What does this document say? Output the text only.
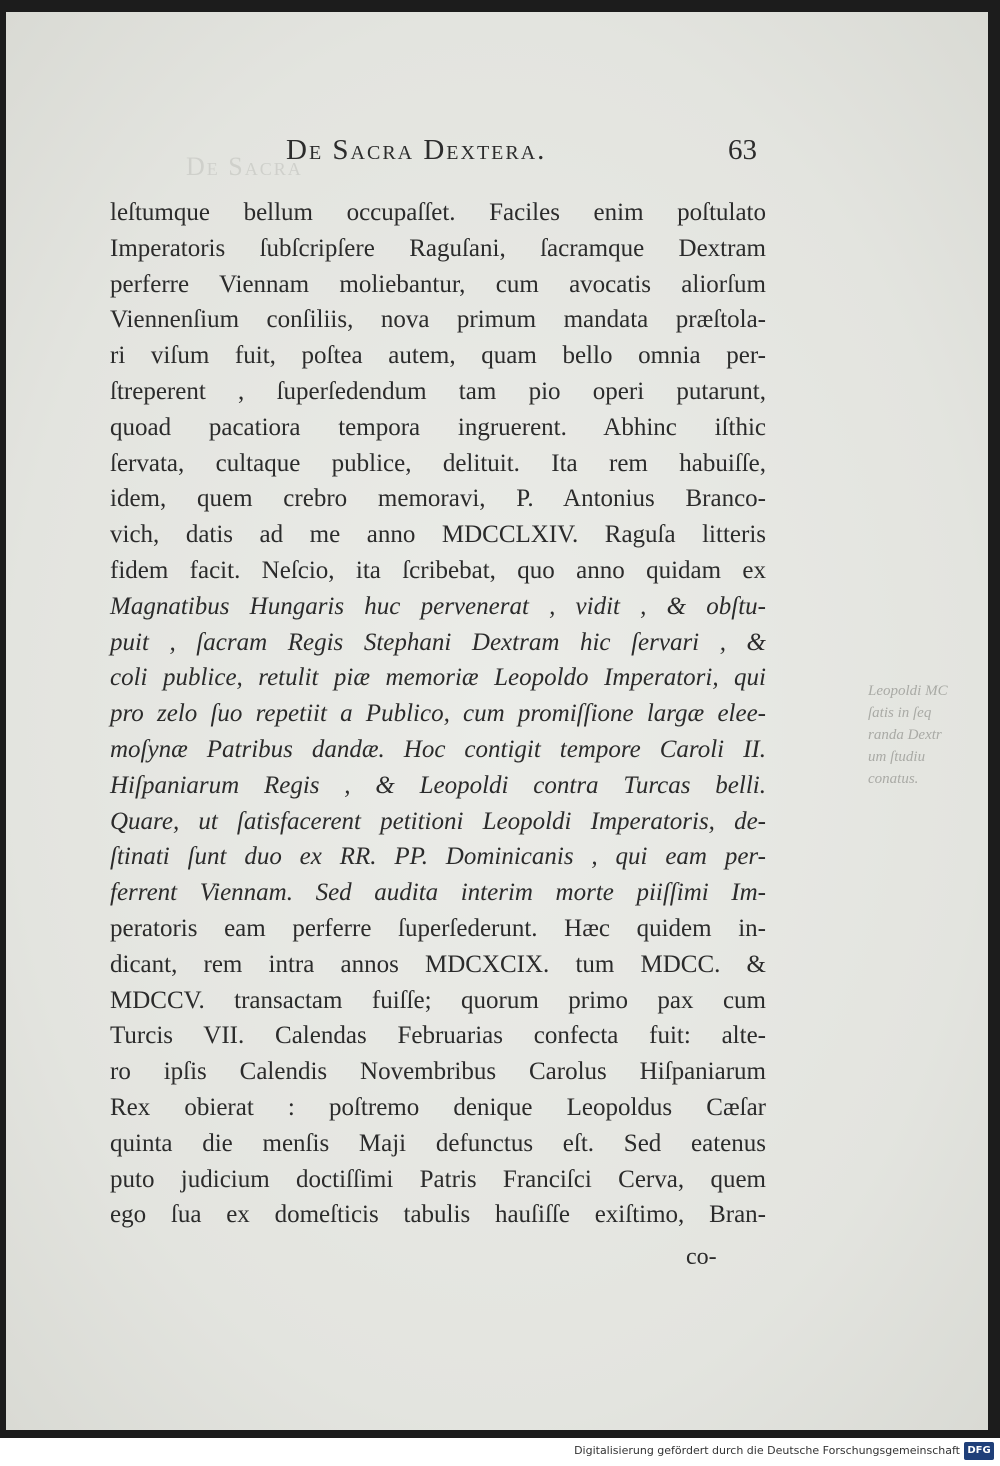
De Sacra
De Sacra Dextera.	63
leſtumque bellum occupaſſet. Faciles enim poſtulato
Imperatoris ſubſcripſere Raguſani, ſacramque Dextram
perferre Viennam moliebantur, cum avocatis aliorſum
Viennenſium conſiliis, nova primum mandata præſtola-
ri viſum fuit, poſtea autem, quam bello omnia per-
ſtreperent , ſuperſedendum tam pio operi putarunt,
quoad pacatiora tempora ingruerent. Abhinc iſthic
ſervata, cultaque publice, delituit. Ita rem habuiſſe,
idem, quem crebro memoravi, P. Antonius Branco-
vich, datis ad me anno MDCCLXIV. Raguſa litteris
fidem facit. Neſcio, ita ſcribebat, quo anno quidam ex
Magnatibus Hungaris huc pervenerat , vidit , & obſtu-
puit , ſacram Regis Stephani Dextram hic ſervari , &
coli publice, retulit piæ memoriæ Leopoldo Imperatori, qui
pro zelo ſuo repetiit a Publico, cum promiſſione largæ elee-
moſynæ Patribus dandæ. Hoc contigit tempore Caroli II.
Hiſpaniarum Regis , & Leopoldi contra Turcas belli.
Quare, ut ſatisfacerent petitioni Leopoldi Imperatoris, de-
ſtinati ſunt duo ex RR. PP. Dominicanis , qui eam per-
ferrent Viennam. Sed audita interim morte piiſſimi Im-
peratoris eam perferre ſuperſederunt. Hæc quidem in-
dicant, rem intra annos MDCXCIX. tum MDCC. &
MDCCV. transactam fuiſſe; quorum primo pax cum
Turcis VII. Calendas Februarias confecta fuit: alte-
ro ipſis Calendis Novembribus Carolus Hiſpaniarum
Rex obierat : poſtremo denique Leopoldus Cæſar
quinta die menſis Maji defunctus eſt. Sed eatenus
puto judicium doctiſſimi Patris Franciſci Cerva, quem
ego ſua ex domeſticis tabulis hauſiſſe exiſtimo, Bran-
co-
Leopoldi MC
ſatis in ſeq
randa Dextr
um ſtudiu
conatus.
Digitalisierung gefördert durch die Deutsche Forschungsgemeinschaft DFG
